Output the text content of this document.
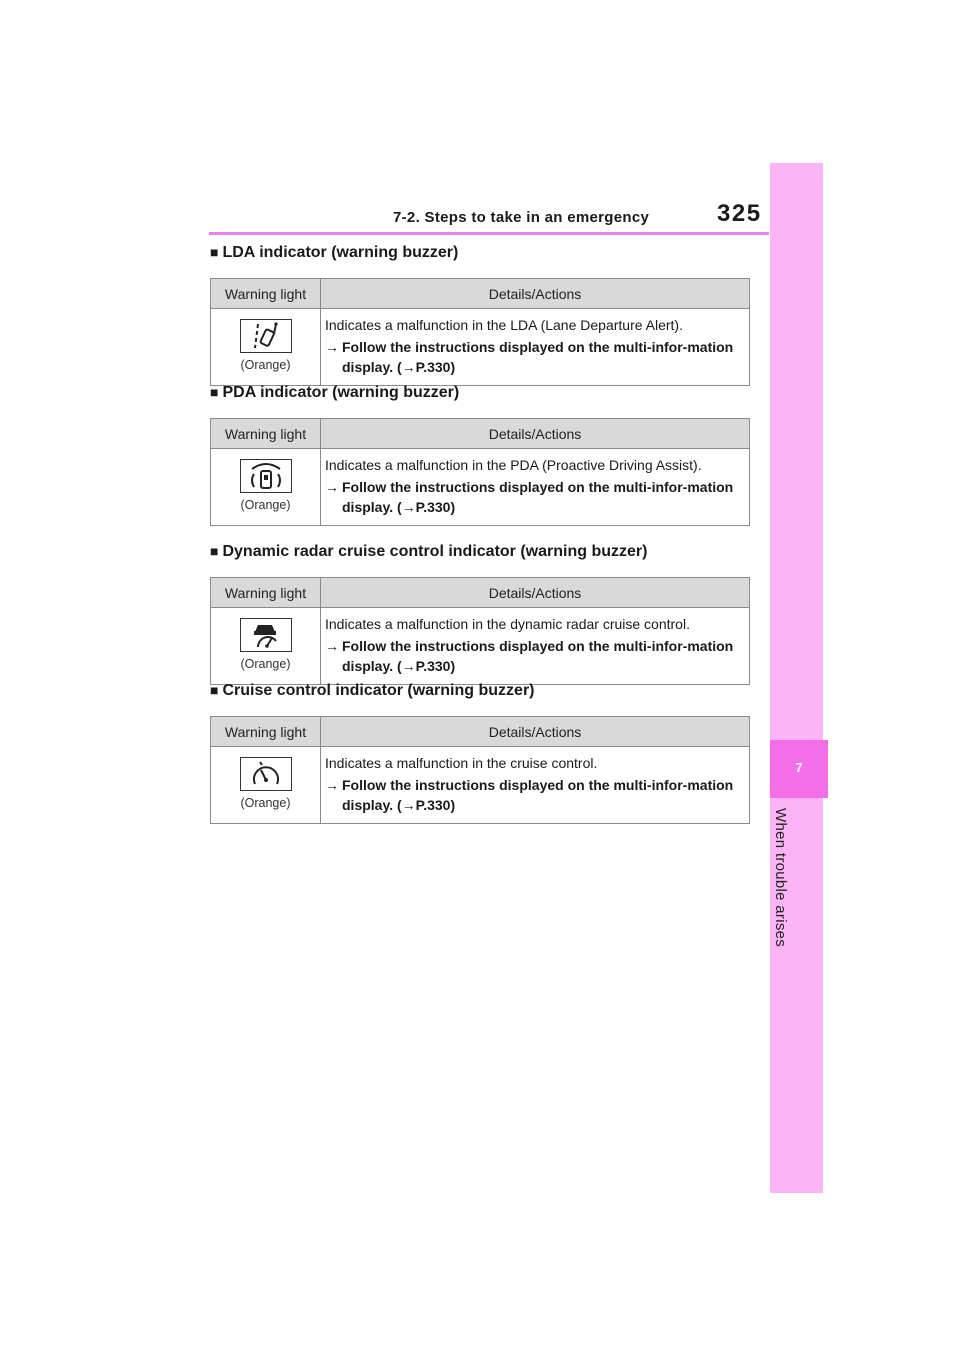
7-2. Steps to take in an emergency	325
7
When trouble arises
■ LDA indicator (warning buzzer)
Warning light	Details/Actions

(Orange)	Indicates a malfunction in the LDA (Lane Departure Alert).
→ Follow the instructions displayed on the multi-infor-mation display. (→P.330)
■ PDA indicator (warning buzzer)
Warning light	Details/Actions

(Orange)	Indicates a malfunction in the PDA (Proactive Driving Assist).
→ Follow the instructions displayed on the multi-infor-mation display. (→P.330)
■ Dynamic radar cruise control indicator (warning buzzer)
Warning light	Details/Actions

(Orange)	Indicates a malfunction in the dynamic radar cruise control.
→ Follow the instructions displayed on the multi-infor-mation display. (→P.330)
■ Cruise control indicator (warning buzzer)
Warning light	Details/Actions

(Orange)	Indicates a malfunction in the cruise control.
→ Follow the instructions displayed on the multi-infor-mation display. (→P.330)
